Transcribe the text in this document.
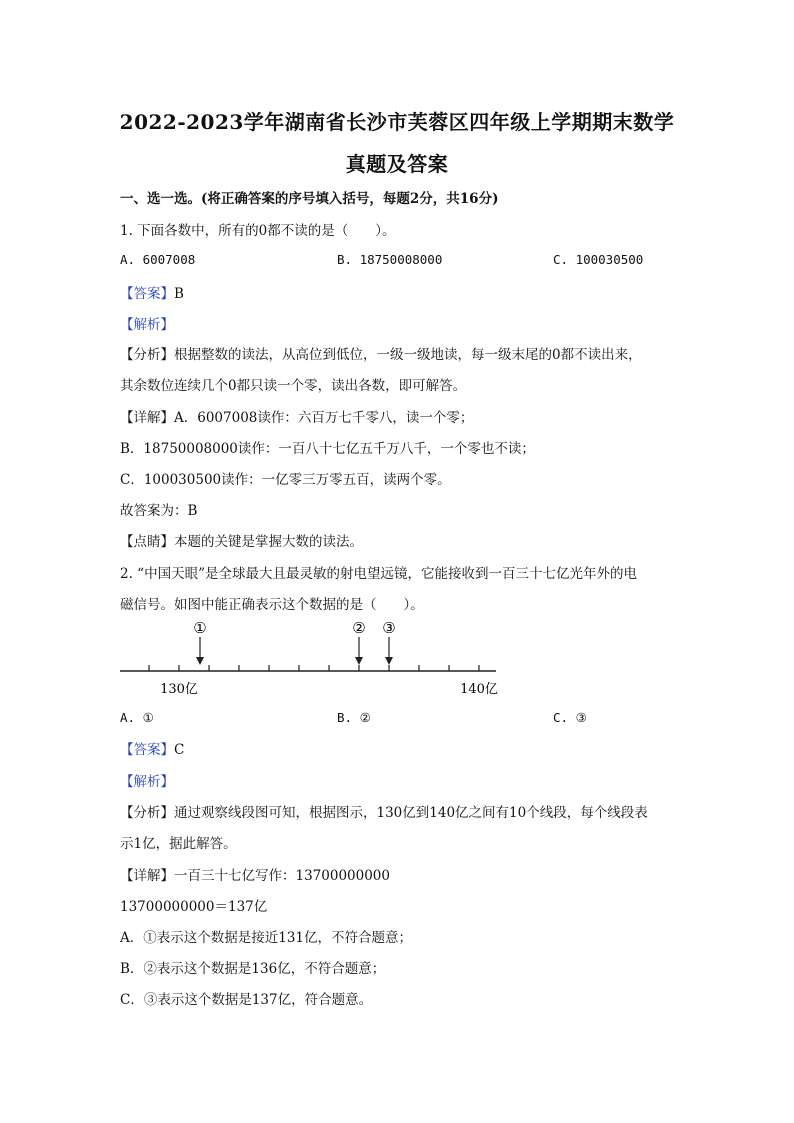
2022-2023学年湖南省长沙市芙蓉区四年级上学期期末数学
真题及答案
一、选一选。(将正确答案的序号填入括号，每题2分，共16分)
1. 下面各数中，所有的0都不读的是（　　）。
A. 6007008	B. 18750008000	C. 100030500
【答案】B
【解析】
【分析】根据整数的读法，从高位到低位，一级一级地读，每一级末尾的0都不读出来，
其余数位连续几个0都只读一个零，读出各数，即可解答。
【详解】A．6007008读作：六百万七千零八，读一个零；
B．18750008000读作：一百八十七亿五千万八千，一个零也不读；
C．100030500读作：一亿零三万零五百，读两个零。
故答案为：B
【点睛】本题的关键是掌握大数的读法。
2. “中国天眼”是全球最大且最灵敏的射电望远镜，它能接收到一百三十七亿光年外的电
磁信号。如图中能正确表示这个数据的是（　　）。
①	② ③
130亿	140亿
A. ①	B. ②	C. ③
【答案】C
【解析】
【分析】通过观察线段图可知，根据图示，130亿到140亿之间有10个线段，每个线段表
示1亿，据此解答。
【详解】一百三十七亿写作：13700000000
13700000000＝137亿
A．①表示这个数据是接近131亿，不符合题意；
B．②表示这个数据是136亿，不符合题意；
C．③表示这个数据是137亿，符合题意。
